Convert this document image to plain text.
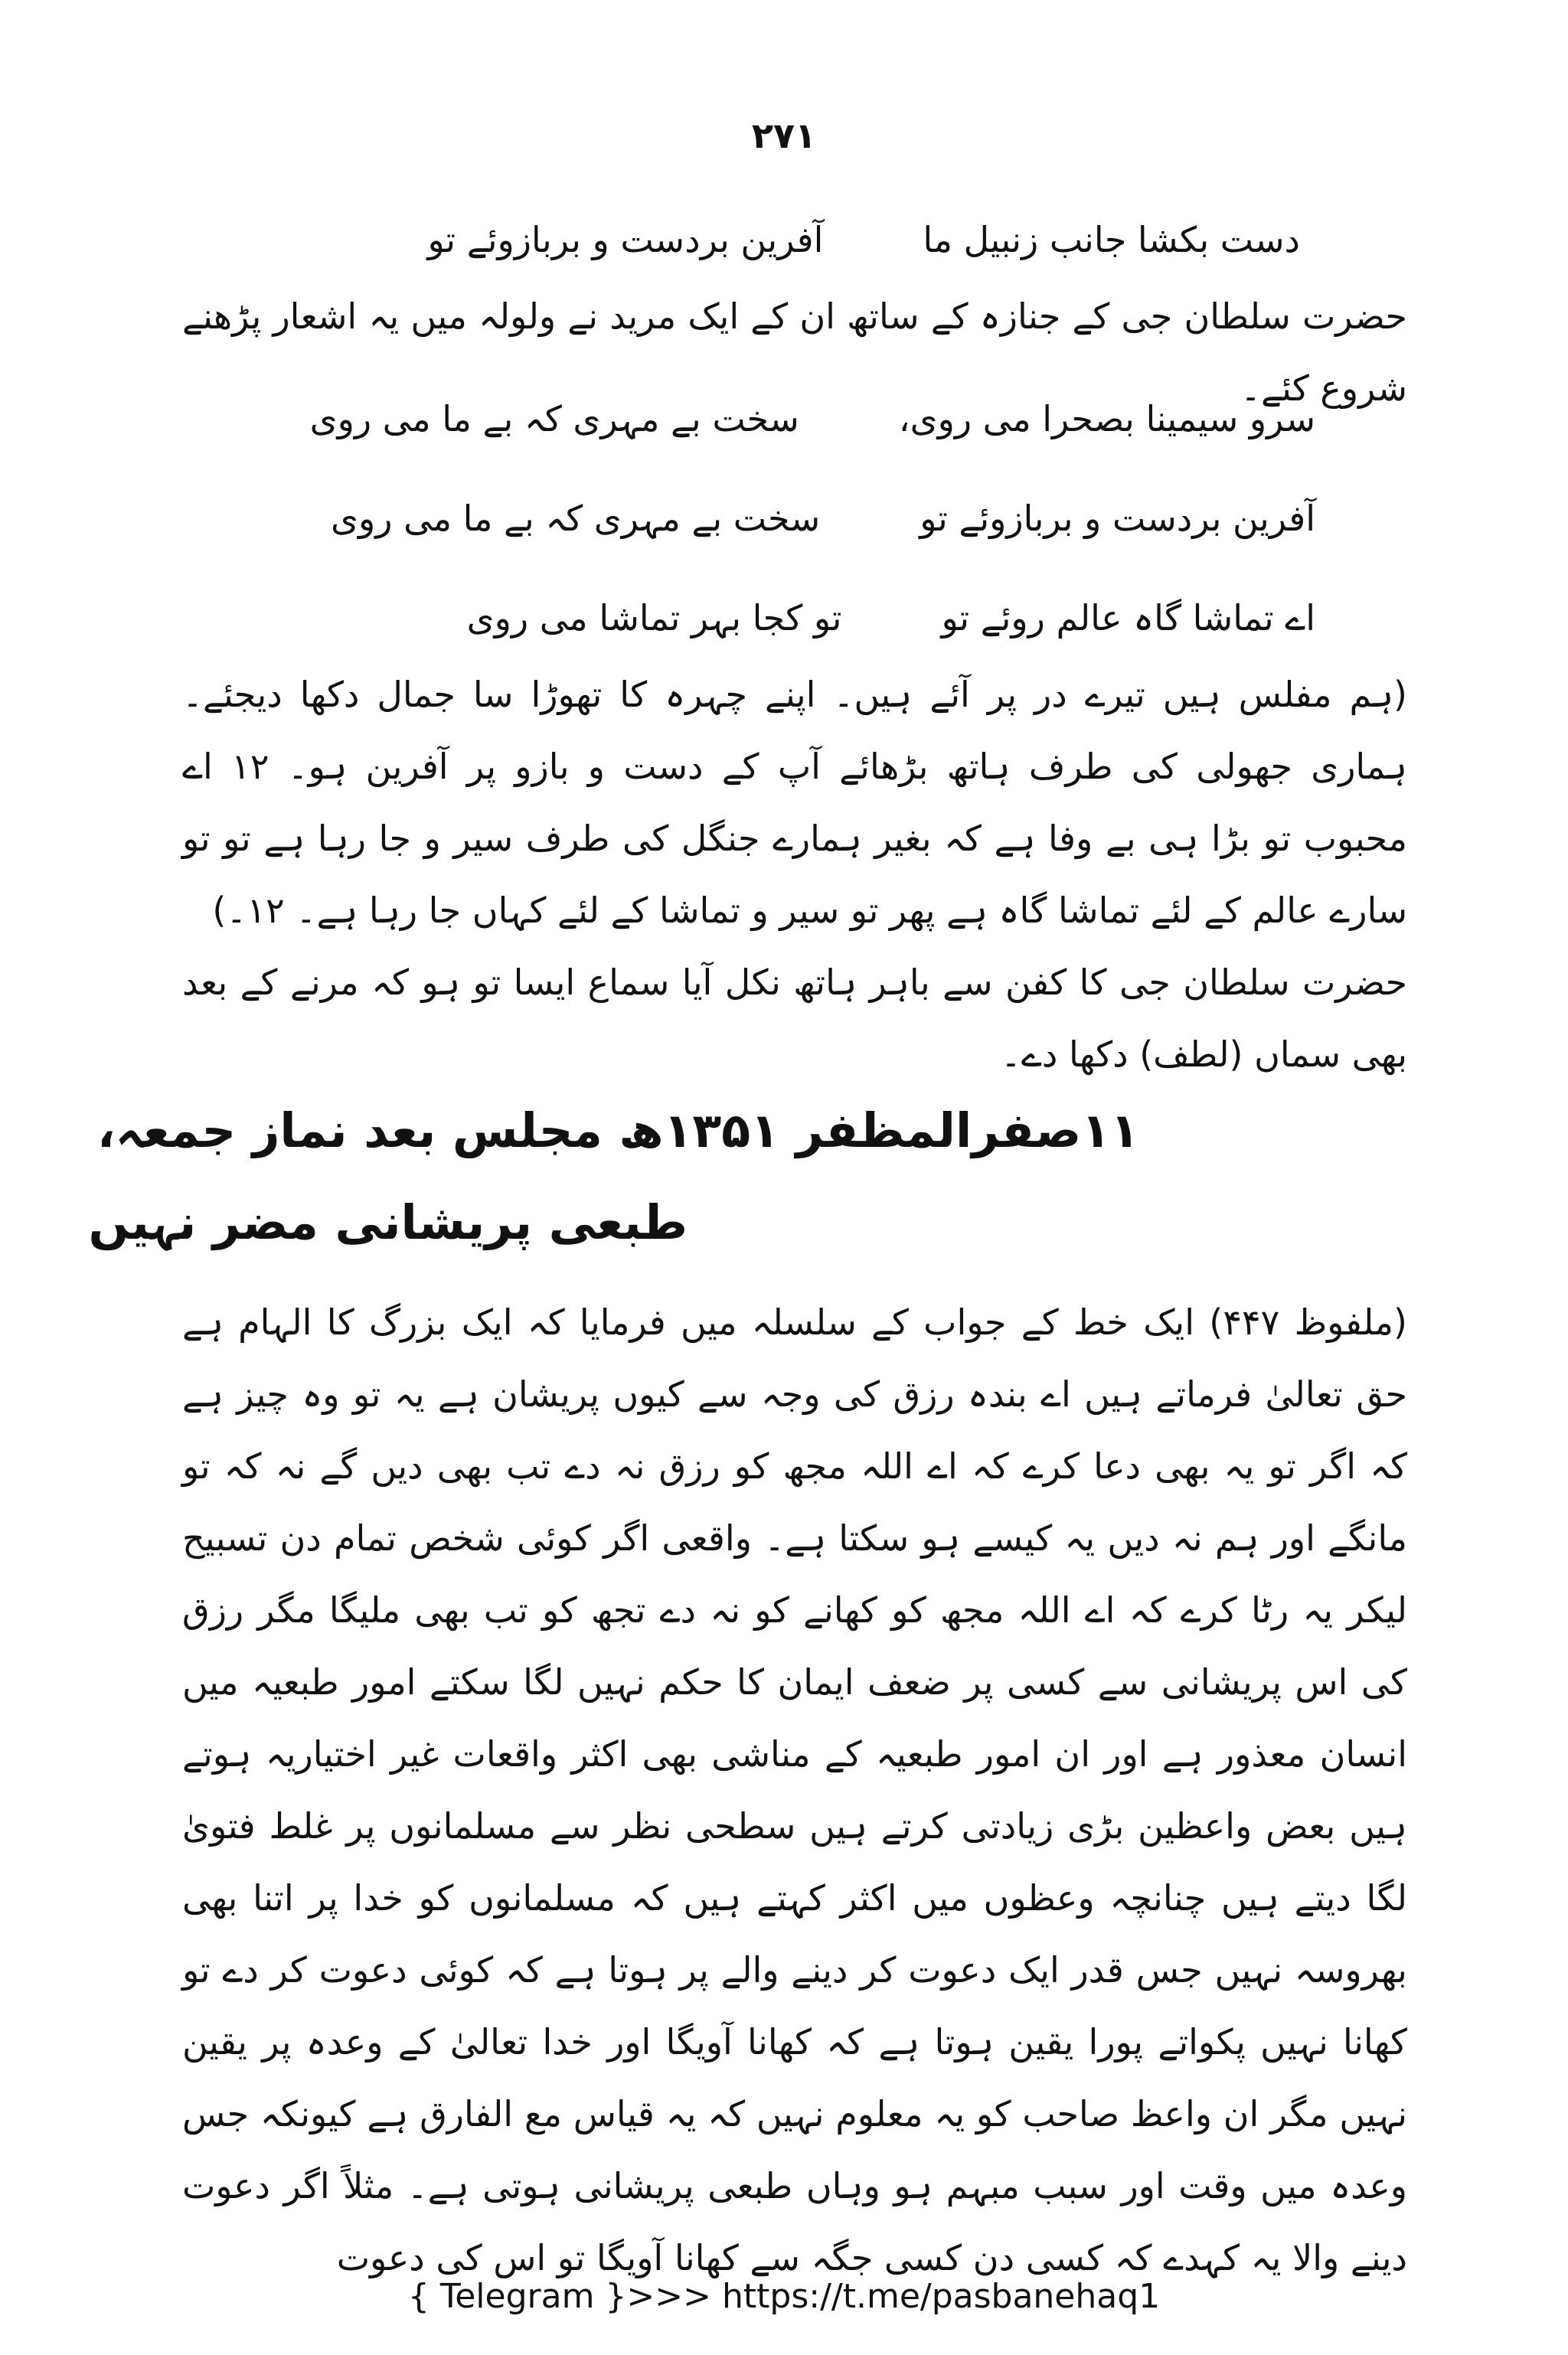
۲۷۱
دست بکشا جانب زنبیل ما
آفرین بردست و بربازوئے تو

حضرت سلطان جی کے جنازہ کے ساتھ ان کے ایک مرید نے ولولہ میں یہ اشعار پڑھنے شروع کئے۔

سرو سیمینا بصحرا می روی،
سخت بے مہری کہ بے ما می روی
آفرین بردست و بربازوئے تو
سخت بے مہری کہ بے ما می روی
اے تماشا گاہ عالم روئے تو
تو کجا بہر تماشا می روی

(ہم مفلس ہیں تیرے در پر آئے ہیں۔ اپنے چہرہ کا تھوڑا سا جمال دکھا دیجئے۔ ہماری جھولی کی طرف ہاتھ بڑھائے آپ کے دست و بازو پر آفرین ہو۔ ۱۲ اے محبوب تو بڑا ہی بے وفا ہے کہ بغیر ہمارے جنگل کی طرف سیر و جا رہا ہے تو تو سارے عالم کے لئے تماشا گاہ ہے پھر تو سیر و تماشا کے لئے کہاں جا رہا ہے۔ ۱۲۔)

حضرت سلطان جی کا کفن سے باہر ہاتھ نکل آیا سماع ایسا تو ہو کہ مرنے کے بعد بھی سماں (لطف) دکھا دے۔

۱۱صفرالمظفر ۱۳۵۱ھ مجلس بعد نماز جمعہ،
طبعی پریشانی مضر نہیں

(ملفوظ ۴۴۷) ایک خط کے جواب کے سلسلہ میں فرمایا کہ ایک بزرگ کا الہام ہے حق تعالیٰ فرماتے ہیں اے بندہ رزق کی وجہ سے کیوں پریشان ہے یہ تو وہ چیز ہے کہ اگر تو یہ بھی دعا کرے کہ اے اللہ مجھ کو رزق نہ دے تب بھی دیں گے نہ کہ تو مانگے اور ہم نہ دیں یہ کیسے ہو سکتا ہے۔ واقعی اگر کوئی شخص تمام دن تسبیح لیکر یہ رٹا کرے کہ اے اللہ مجھ کو کھانے کو نہ دے تجھ کو تب بھی ملیگا مگر رزق کی اس پریشانی سے کسی پر ضعف ایمان کا حکم نہیں لگا سکتے امور طبعیہ میں انسان معذور ہے اور ان امور طبعیہ کے مناشی بھی اکثر واقعات غیر اختیاریہ ہوتے ہیں بعض واعظین بڑی زیادتی کرتے ہیں سطحی نظر سے مسلمانوں پر غلط فتویٰ لگا دیتے ہیں چنانچہ وعظوں میں اکثر کہتے ہیں کہ مسلمانوں کو خدا پر اتنا بھی بھروسہ نہیں جس قدر ایک دعوت کر دینے والے پر ہوتا ہے کہ کوئی دعوت کر دے تو کھانا نہیں پکواتے پورا یقین ہوتا ہے کہ کھانا آویگا اور خدا تعالیٰ کے وعدہ پر یقین نہیں مگر ان واعظ صاحب کو یہ معلوم نہیں کہ یہ قیاس مع الفارق ہے کیونکہ جس وعدہ میں وقت اور سبب مبہم ہو وہاں طبعی پریشانی ہوتی ہے۔ مثلاً اگر دعوت دینے والا یہ کہدے کہ کسی دن کسی جگہ سے کھانا آویگا تو اس کی دعوت

{ Telegram }>>> https://t.me/pasbanehaq1
